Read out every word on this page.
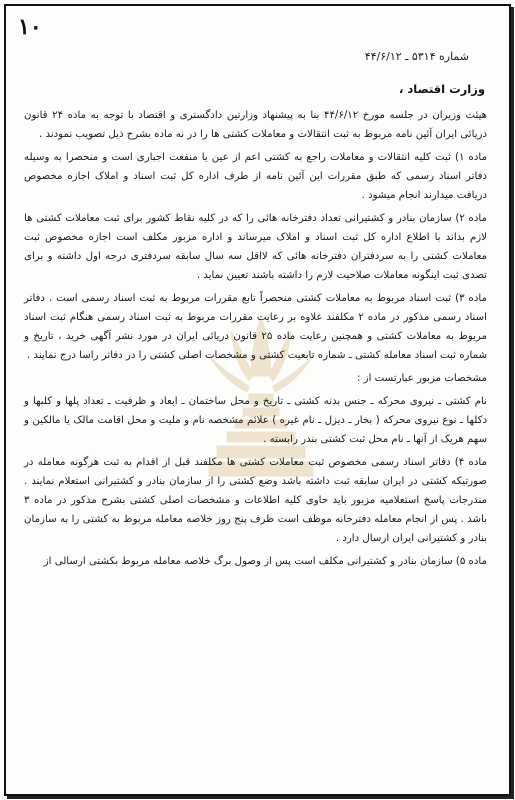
۱۰
شماره ۵۳۱۴ ـ ۴۴/۶/۱۲
وزارت اقتصاد ،

هیئت وزیران در جلسه مورخ ۴۴/۶/۱۲ بنا به پیشنهاد وزارتین دادگستری و اقتصاد با توجه به ماده ۲۴ قانون دریائی ایران آئین نامه مربوط به ثبت انتقالات و معاملات کشتی ها را در نه ماده بشرح ذیل تصویب نمودند .

ماده ۱) ثبت کلیه انتقالات و معاملات راجع به کشتی اعم از عین یا منفعت اجباری است و منحصرا به وسیله دفاتر اسناد رسمی که طبق مقررات این آئین نامه از طرف اداره کل ثبت اسناد و املاک اجازه مخصوص دریافت میدارند انجام میشود .

ماده ۲) سازمان بنادر و کشتیرانی تعداد دفترخانه هائی را که در کلیه نقاط کشور برای ثبت معاملات کشتی ها لازم بداند با اطلاع اداره کل ثبت اسناد و املاک میرساند و اداره مزبور مکلف است اجازه مخصوص ثبت معاملات کشتی را به سردفتران دفترخانه هائی که لااقل سه سال سابقه سردفتری درجه اول داشته و برای تصدی ثبت اینگونه معاملات صلاحیت لازم را داشته باشند تعیین نماید .

ماده ۳) ثبت اسناد مربوط به معاملات کشتی منحصراً تابع مقررات مربوط به ثبت اسناد رسمی است . دفاتر اسناد رسمی مذکور در ماده ۲ مکلفند علاوه بر رعایت مقررات مربوط به ثبت اسناد رسمی هنگام ثبت اسناد مربوط به معاملات کشتی و همچنین رعایت ماده ۲۵ قانون دریائی ایران در مورد نشر آگهی خرید ، تاریخ و شماره ثبت اسناد معامله کشتی ـ شماره تابعیت کشتی و مشخصات اصلی کشتی را در دفاتر راسا درج نمایند .

مشخصات مزبور عبارتست از :

نام کشتی ـ نیروی محرکه ـ جنس بدنه کشتی ـ تاریخ و محل ساختمان ـ ابعاد و ظرفیت ـ تعداد پلها و کلبها و دکلها ـ نوع نیروی محرکه ( بخار ـ دیزل ـ نام غیره ) علائم مشخصه نام و ملیت و محل اقامت مالک یا مالکین و سهم هریک از آنها ـ نام محل ثبت کشتی بندر رابسته .

ماده ۴) دفاتر اسناد رسمی مخصوص ثبت معاملات کشتی ها مکلفند قبل از اقدام به ثبت هرگونه معامله در صورتیکه کشتی در ایران سابقه ثبت داشته باشد وضع کشتی را از سازمان بنادر و کشتیرانی استعلام نمایند . مندرجات پاسخ استعلامیه مزبور باید حاوی کلیه اطلاعات و مشخصات اصلی کشتی بشرح مذکور در ماده ۳ باشد . پس از انجام معامله دفترخانه موظف است ظرف پنج روز خلاصه معامله مربوط به کشتی را به سازمان بنادر و کشتیرانی ایران ارسال دارد .

ماده ۵) سازمان بنادر و کشتیرانی مکلف است پس از وصول برگ خلاصه معامله مربوط بکشتی ارسالی از
